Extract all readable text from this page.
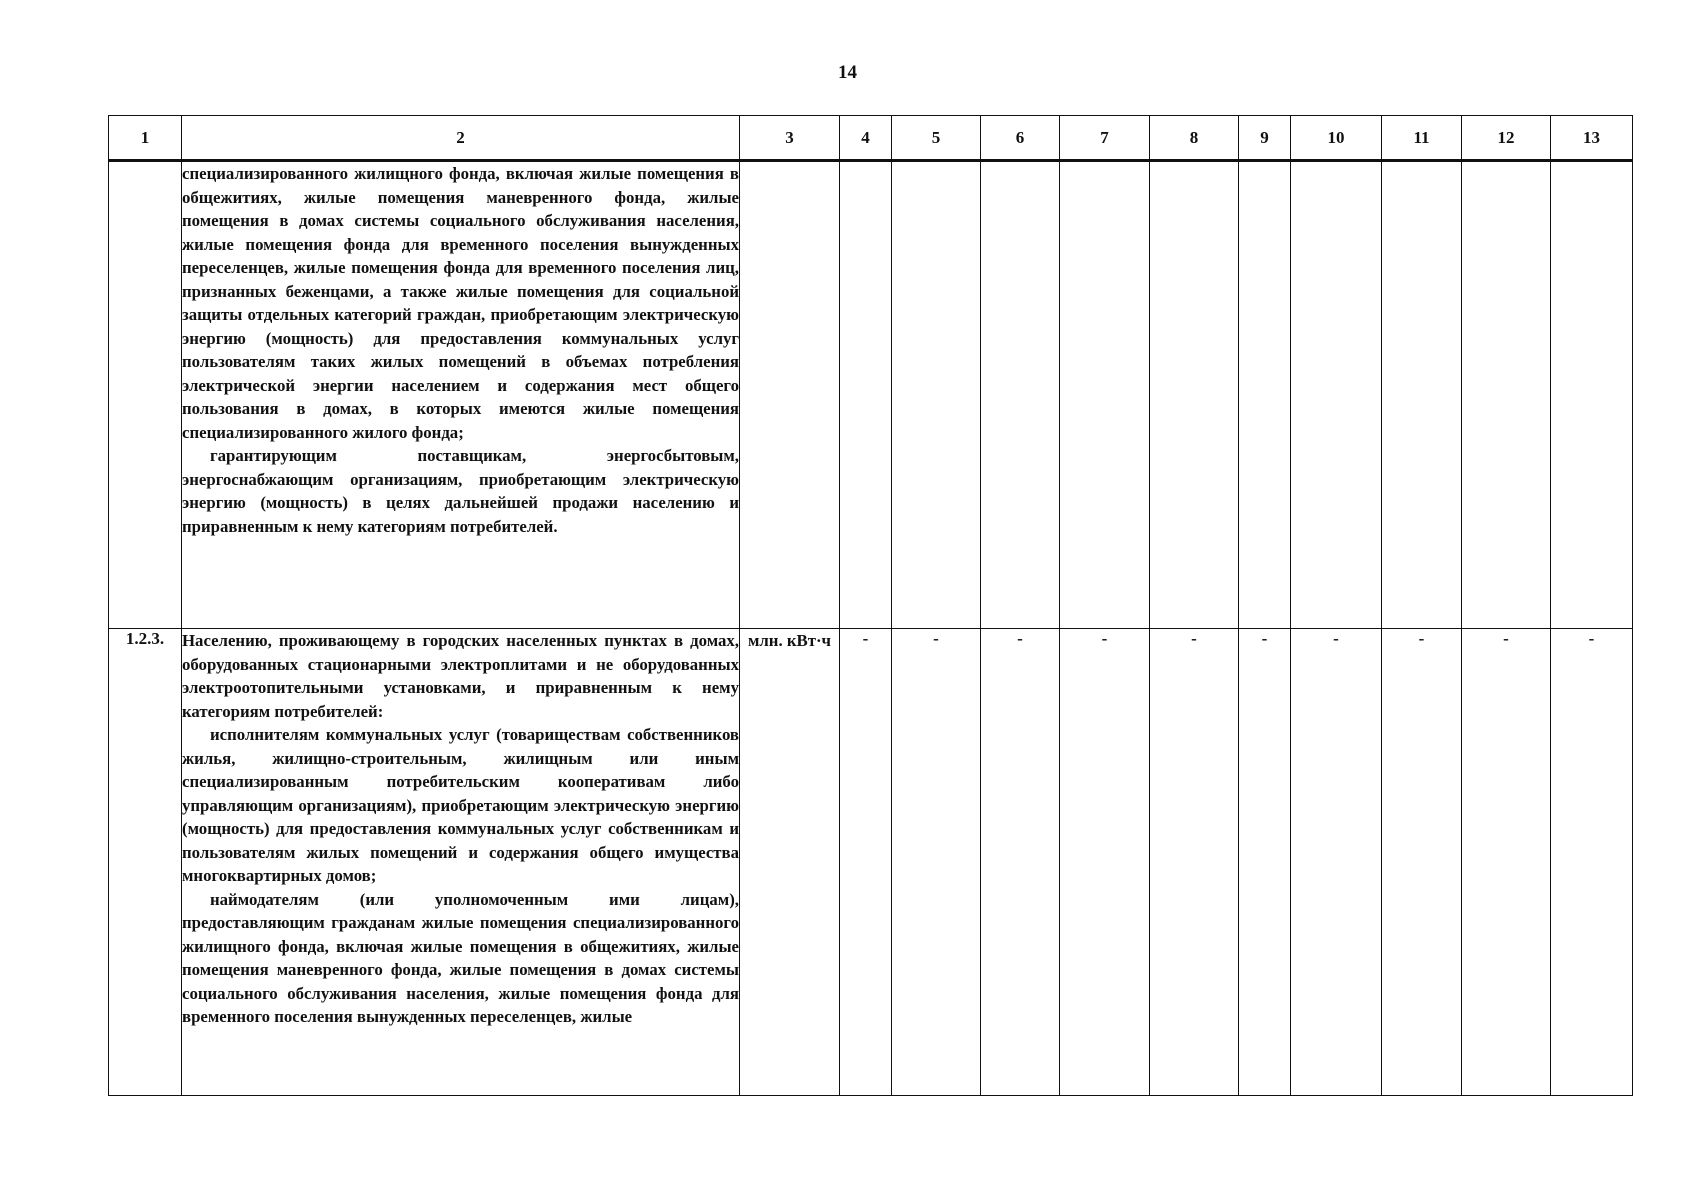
14
1	2	3	4	5	6	7	8	9	10	11	12	13

	специализированного жилищного фонда, включая жилые помещения в общежитиях, жилые помещения маневренного фонда, жилые помещения в домах системы социального обслуживания населения, жилые помещения фонда для временного поселения вынужденных переселенцев, жилые помещения фонда для временного поселения лиц, признанных беженцами, а также жилые помещения для социальной защиты отдельных категорий граждан, приобретающим электрическую энергию (мощность) для предоставления коммунальных услуг пользователям таких жилых помещений в объемах потребления электрической энергии населением и содержания мест общего пользования в домах, в которых имеются жилые помещения специализированного жилого фонда;

гарантирующим поставщикам, энергосбытовым, энергоснабжающим организациям, приобретающим электрическую энергию (мощность) в целях дальнейшей продажи населению и приравненным к нему категориям потребителей.											

1.2.3.	Населению, проживающему в городских населенных пунктах в домах, оборудованных стационарными электроплитами и не оборудованных электроотопительными установками, и приравненным к нему категориям потребителей:

исполнителям коммунальных услуг (товариществам собственников жилья, жилищно-строительным, жилищным или иным специализированным потребительским кооперативам либо управляющим организациям), приобретающим электрическую энергию (мощность) для предоставления коммунальных услуг собственникам и пользователям жилых помещений и содержания общего имущества многоквартирных домов;

наймодателям (или уполномоченным ими лицам), предоставляющим гражданам жилые помещения специализированного жилищного фонда, включая жилые помещения в общежитиях, жилые помещения маневренного фонда, жилые помещения в домах системы социального обслуживания населения, жилые помещения фонда для временного поселения вынужденных переселенцев, жилые	млн. кВт·ч	-	-	-	-	-	-	-	-	-	-
